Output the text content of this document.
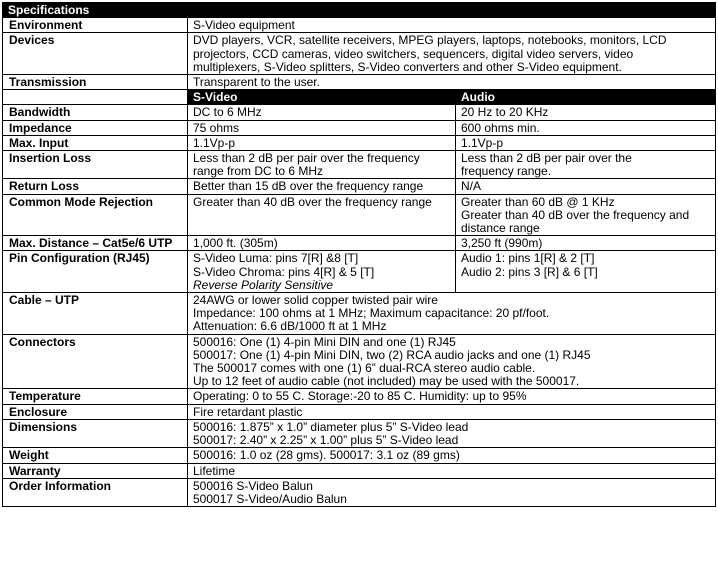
Specifications		
Environment	S-Video equipment	

Devices	DVD players, VCR, satellite receivers, MPEG players, laptops, notebooks, monitors, LCD
projectors, CCD cameras, video switchers, sequencers, digital video servers, video
multiplexers, S-Video splitters, S-Video converters and other S-Video equipment.	

Transmission	Transparent to the user.	

	S-Video	Audio
Bandwidth	DC to 6 MHz	20 Hz to 20 KHz

Impedance	75 ohms	600 ohms min.

Max. Input	1.1Vp-p	1.1Vp-p

Insertion Loss	Less than 2 dB per pair over the frequency
range from DC to 6 MHz	Less than 2 dB per pair over the
frequency range.

Return Loss	Better than 15 dB over the frequency range	N/A

Common Mode Rejection	Greater than 40 dB over the frequency range	Greater than 60 dB @ 1 KHz
Greater than 40 dB over the frequency and
distance range

Max. Distance – Cat5e/6 UTP	1,000 ft. (305m)	3,250 ft (990m)

Pin Configuration (RJ45)	S-Video Luma: pins 7[R] &8 [T]
S-Video Chroma: pins 4[R] & 5 [T]
Reverse Polarity Sensitive	Audio 1: pins 1[R] & 2 [T]
Audio 2: pins 3 [R] & 6 [T]

Cable – UTP	24AWG or lower solid copper twisted pair wire
Impedance: 100 ohms at 1 MHz; Maximum capacitance: 20 pf/foot.
Attenuation: 6.6 dB/1000 ft at 1 MHz	

Connectors	500016: One (1) 4-pin Mini DIN and one (1) RJ45
500017: One (1) 4-pin Mini DIN, two (2) RCA audio jacks and one (1) RJ45
The 500017 comes with one (1) 6” dual-RCA stereo audio cable.
Up to 12 feet of audio cable (not included) may be used with the 500017.	

Temperature	Operating: 0 to 55 C. Storage:-20 to 85 C. Humidity: up to 95%	

Enclosure	Fire retardant plastic	

Dimensions	500016: 1.875” x 1.0” diameter plus 5” S-Video lead
500017: 2.40” x 2.25” x 1.00” plus 5” S-Video lead	

Weight	500016: 1.0 oz (28 gms). 500017: 3.1 oz (89 gms)	

Warranty	Lifetime	

Order Information	500016 S-Video Balun
500017 S-Video/Audio Balun	
